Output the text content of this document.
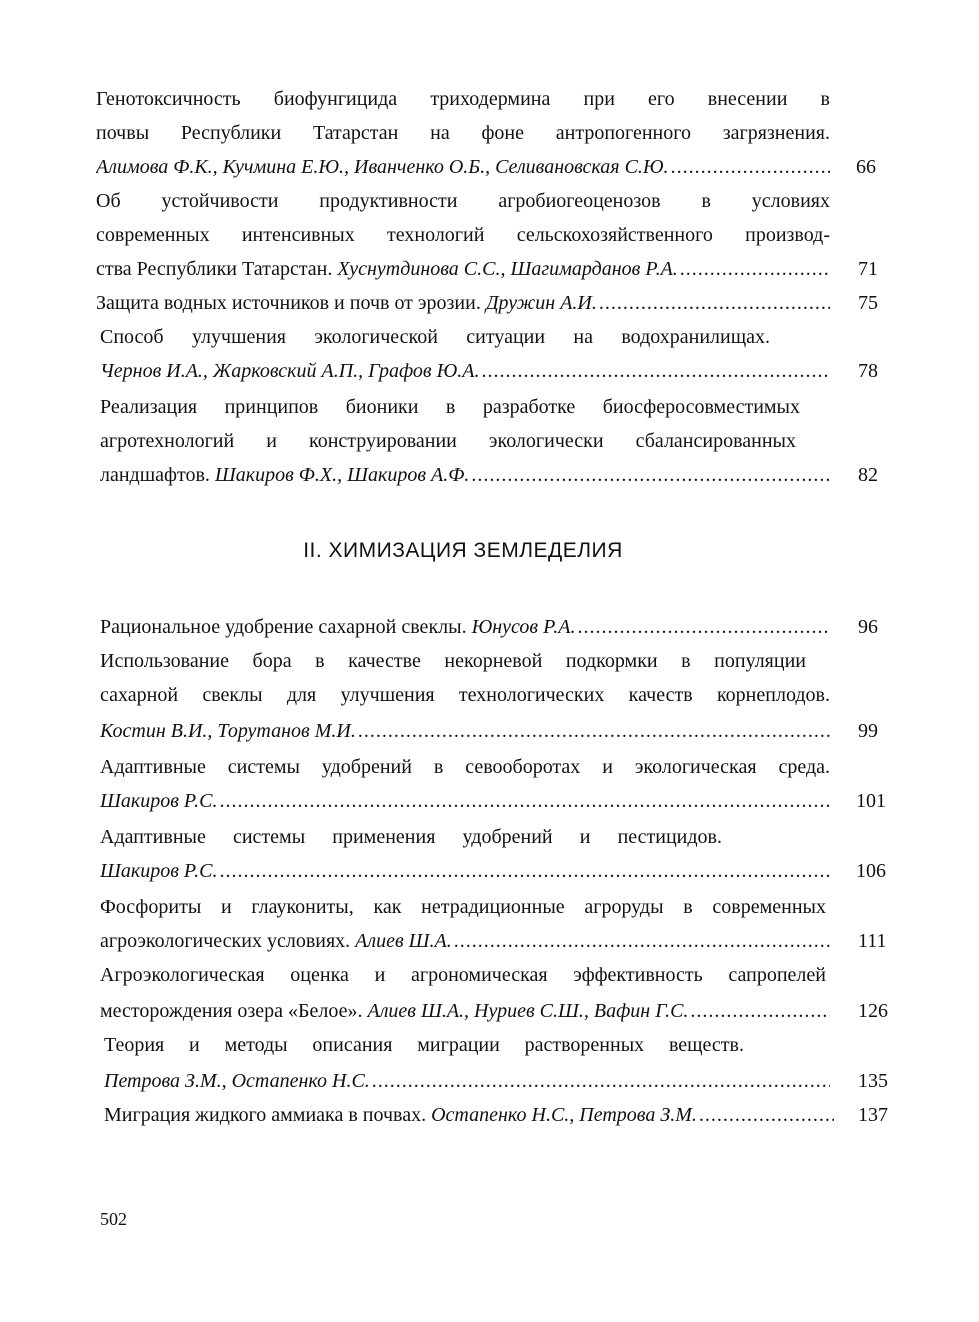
Генотоксичность биофунгицида триходермина при его внесении в
почвы Республики Татарстан на фоне антропогенного загрязнения.
Алимова Ф.К., Кучмина Е.Ю., Иванченко О.Б., Селивановская С.Ю. .....	66
Об устойчивости продуктивности агробиогеоценозов в условиях
современных интенсивных технологий сельскохозяйственного производ-
ства Республики Татарстан. Хуснутдинова С.С., Шагимарданов Р.А. .....	71
Защита водных источников и почв от эрозии. Дружин А.И. .....	75
Способ улучшения экологической ситуации на водохранилищах.
Чернов И.А., Жарковский А.П., Графов Ю.А. .....	78
Реализация принципов бионики в разработке биосферосовместимых
агротехнологий и конструировании экологически сбалансированных
ландшафтов. Шакиров Ф.Х., Шакиров А.Ф. .....	82
II. ХИМИЗАЦИЯ ЗЕМЛЕДЕЛИЯ
Рациональное удобрение сахарной свеклы. Юнусов Р.А. .....	96
Использование бора в качестве некорневой подкормки в популяции
сахарной свеклы для улучшения технологических качеств корнеплодов.
Костин В.И., Торутанов М.И. .....	99
Адаптивные системы удобрений в севооборотах и экологическая среда.
Шакиров Р.С. .....	101
Адаптивные системы применения удобрений и пестицидов.
Шакиров Р.С. .....	106
Фосфориты и глаукониты, как нетрадиционные агроруды в современных
агроэкологических условиях. Алиев Ш.А. .....	111
Агроэкологическая оценка и агрономическая эффективность сапропелей
месторождения озера «Белое». Алиев Ш.А., Нуриев С.Ш., Вафин Г.С. .....	126
Теория и методы описания миграции растворенных веществ.
Петрова З.М., Остапенко Н.С. .....	135
Миграция жидкого аммиака в почвах. Остапенко Н.С., Петрова З.М. .....	137
502
